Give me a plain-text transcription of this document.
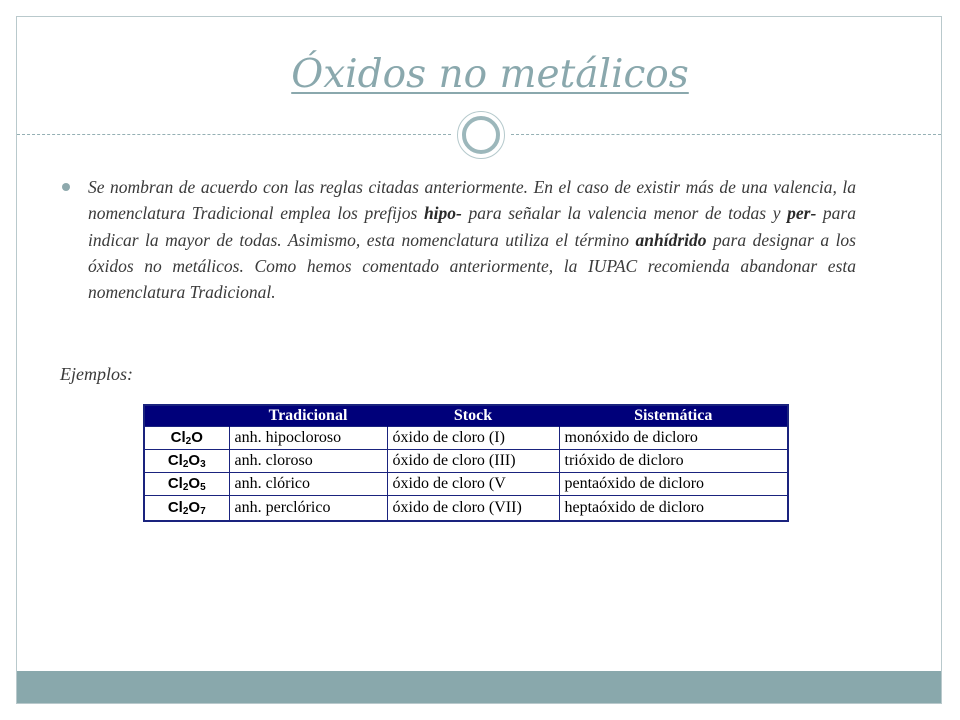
Óxidos no metálicos

Se nombran de acuerdo con las reglas citadas anteriormente. En el caso de existir más de una valencia, la nomenclatura Tradicional emplea los prefijos hipo- para señalar la valencia menor de todas y per- para indicar la mayor de todas. Asimismo, esta nomenclatura utiliza el término anhídrido para designar a los óxidos no metálicos. Como hemos comentado anteriormente, la IUPAC recomienda abandonar esta nomenclatura Tradicional.

Ejemplos:
	Tradicional	Stock	Sistemática
$Cl_2O$	anh. hipocloroso	óxido de cloro (I)	monóxido de dicloro
$Cl_2O_3$	anh. cloroso	óxido de cloro (III)	trióxido de dicloro
$Cl_2O_5$	anh. clórico	óxido de cloro (V	pentaóxido de dicloro
$Cl_2O_7$	anh. perclórico	óxido de cloro (VII)	heptaóxido de dicloro
